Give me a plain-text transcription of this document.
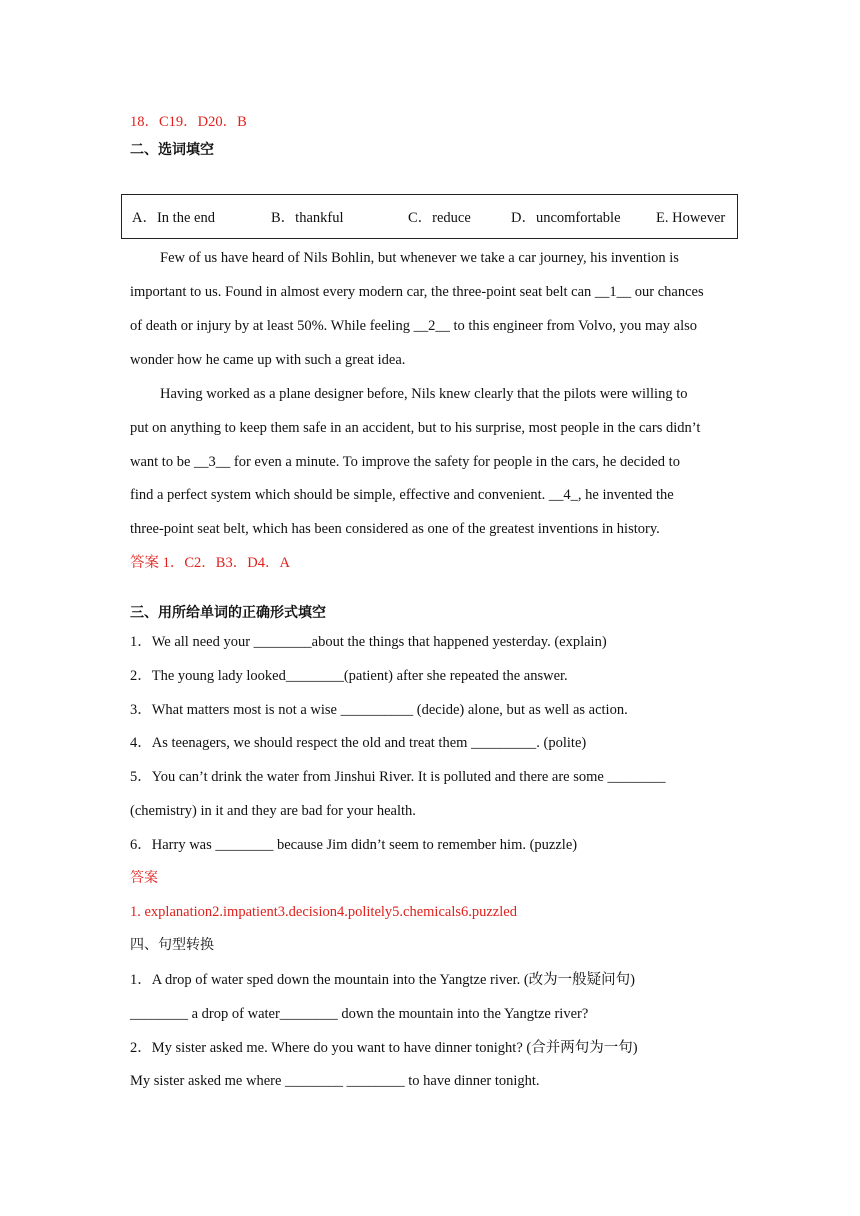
18．C19．D20．B
二、选词填空
A．In the end	B．thankful	C．reduce	D．uncomfortable E. However
Few of us have heard of Nils Bohlin, but whenever we take a car journey, his invention is
important to us. Found in almost every modern car, the three-point seat belt can __1__ our chances
of death or injury by at least 50%. While feeling __2__ to this engineer from Volvo, you may also
wonder how he came up with such a great idea.
Having worked as a plane designer before, Nils knew clearly that the pilots were willing to
put on anything to keep them safe in an accident, but to his surprise, most people in the cars didn’t
want to be __3__ for even a minute. To improve the safety for people in the cars, he decided to
find a perfect system which should be simple, effective and convenient. __4_, he invented the
three-point seat belt, which has been considered as one of the greatest inventions in history.
答案 1．C2．B3．D4．A
三、用所给单词的正确形式填空
1．We all need your ________about the things that happened yesterday. (explain)
2．The young lady looked________(patient) after she repeated the answer.
3．What matters most is not a wise __________ (decide) alone, but as well as action.
4．As teenagers, we should respect the old and treat them _________. (polite)
5．You can’t drink the water from Jinshui River. It is polluted and there are some ________
(chemistry) in it and they are bad for your health.
6．Harry was ________ because Jim didn’t seem to remember him. (puzzle)
答案
1. explanation2.impatient3.decision4.politely5.chemicals6.puzzled
四、句型转换
1．A drop of water sped down the mountain into the Yangtze river. (改为一般疑问句)
________ a drop of water________ down the mountain into the Yangtze river?
2．My sister asked me. Where do you want to have dinner tonight? (合并两句为一句)
My sister asked me where ________ ________ to have dinner tonight.
